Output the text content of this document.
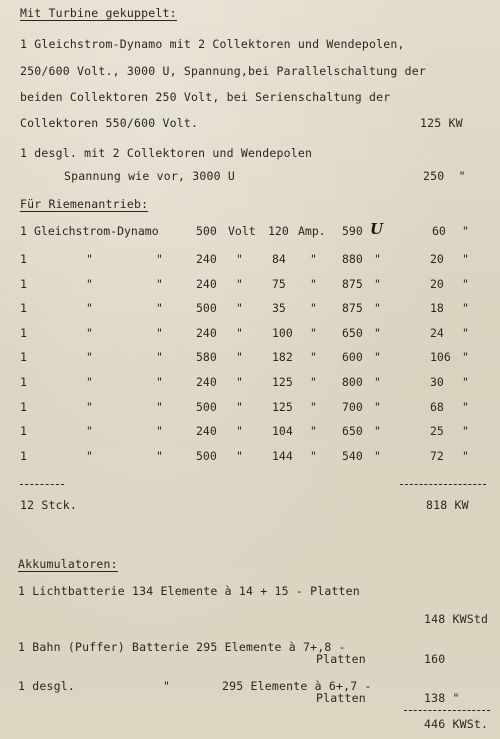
Mit Turbine gekuppelt:
1 Gleichstrom-Dynamo mit 2 Collektoren und Wendepolen,
250/600 Volt., 3000 U, Spannung,bei Parallelschaltung der
beiden Collektoren 250 Volt, bei Serienschaltung der
Collektoren 550/600 Volt.	125 KW
1 desgl. mit 2 Collektoren und Wendepolen
Spannung wie vor, 3000 U	250  "
Für Riemenantrieb:
1 Gleichstrom-Dynamo	500 Volt 120 Amp. 590 U	60 "
1	"	"	240 "	84 " 880 "	20 "
1	"	"	240 "	75 " 875 "	20 "
1	"	"	500 "	35 " 875 "	18 "
1	"	"	240 "	100 " 650 "	24 "
1	"	"	580 "	182 " 600 "	106 "
1	"	"	240 "	125 " 800 "	30 "
1	"	"	500 "	125 " 700 "	68 "
1	"	"	240 "	104 " 650 "	25 "
1	"	"	500 "	144 " 540 "	72 "
12 Stck.	818 KW
Akkumulatoren:
1 Lichtbatterie 134 Elemente à 14 + 15 - Platten
148 KWStd
1 Bahn (Puffer) Batterie 295 Elemente à 7+,8 -
Platten	160
1 desgl.	"	295 Elemente à 6+,7 -
Platten	138 "
446 KWSt.
